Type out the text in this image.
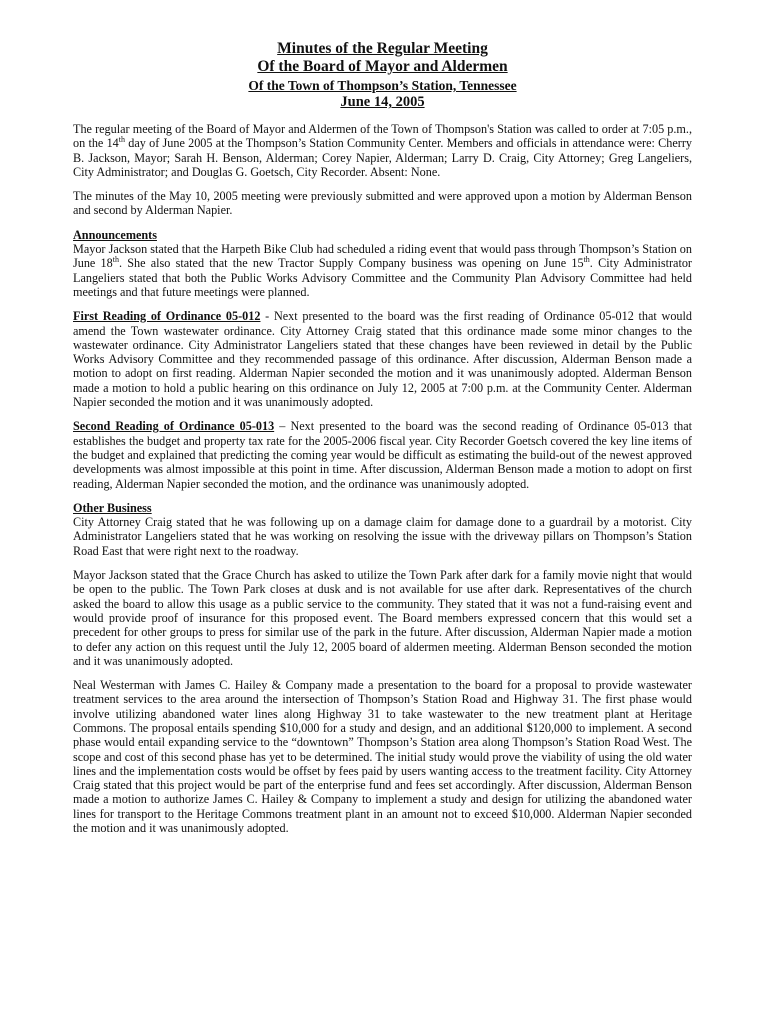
Minutes of the Regular Meeting
Of the Board of Mayor and Aldermen
Of the Town of Thompson’s Station, Tennessee
June 14, 2005

The regular meeting of the Board of Mayor and Aldermen of the Town of Thompson's Station was called to order at 7:05 p.m., on the 14th day of June 2005 at the Thompson’s Station Community Center. Members and officials in attendance were: Cherry B. Jackson, Mayor; Sarah H. Benson, Alderman; Corey Napier, Alderman; Larry D. Craig, City Attorney; Greg Langeliers, City Administrator; and Douglas G. Goetsch, City Recorder. Absent: None.

The minutes of the May 10, 2005 meeting were previously submitted and were approved upon a motion by Alderman Benson and second by Alderman Napier.

Announcements
Mayor Jackson stated that the Harpeth Bike Club had scheduled a riding event that would pass through Thompson’s Station on June 18th. She also stated that the new Tractor Supply Company business was opening on June 15th. City Administrator Langeliers stated that both the Public Works Advisory Committee and the Community Plan Advisory Committee had held meetings and that future meetings were planned.

First Reading of Ordinance 05-012 - Next presented to the board was the first reading of Ordinance 05-012 that would amend the Town wastewater ordinance. City Attorney Craig stated that this ordinance made some minor changes to the wastewater ordinance. City Administrator Langeliers stated that these changes have been reviewed in detail by the Public Works Advisory Committee and they recommended passage of this ordinance. After discussion, Alderman Benson made a motion to adopt on first reading. Alderman Napier seconded the motion and it was unanimously adopted. Alderman Benson made a motion to hold a public hearing on this ordinance on July 12, 2005 at 7:00 p.m. at the Community Center. Alderman Napier seconded the motion and it was unanimously adopted.

Second Reading of Ordinance 05-013 – Next presented to the board was the second reading of Ordinance 05-013 that establishes the budget and property tax rate for the 2005-2006 fiscal year. City Recorder Goetsch covered the key line items of the budget and explained that predicting the coming year would be difficult as estimating the build-out of the newest approved developments was almost impossible at this point in time. After discussion, Alderman Benson made a motion to adopt on first reading, Alderman Napier seconded the motion, and the ordinance was unanimously adopted.

Other Business
City Attorney Craig stated that he was following up on a damage claim for damage done to a guardrail by a motorist. City Administrator Langeliers stated that he was working on resolving the issue with the driveway pillars on Thompson’s Station Road East that were right next to the roadway.

Mayor Jackson stated that the Grace Church has asked to utilize the Town Park after dark for a family movie night that would be open to the public. The Town Park closes at dusk and is not available for use after dark. Representatives of the church asked the board to allow this usage as a public service to the community. They stated that it was not a fund-raising event and would provide proof of insurance for this proposed event. The Board members expressed concern that this would set a precedent for other groups to press for similar use of the park in the future. After discussion, Alderman Napier made a motion to defer any action on this request until the July 12, 2005 board of aldermen meeting. Alderman Benson seconded the motion and it was unanimously adopted.

Neal Westerman with James C. Hailey & Company made a presentation to the board for a proposal to provide wastewater treatment services to the area around the intersection of Thompson’s Station Road and Highway 31. The first phase would involve utilizing abandoned water lines along Highway 31 to take wastewater to the new treatment plant at Heritage Commons. The proposal entails spending $10,000 for a study and design, and an additional $120,000 to implement. A second phase would entail expanding service to the “downtown” Thompson’s Station area along Thompson’s Station Road West. The scope and cost of this second phase has yet to be determined. The initial study would prove the viability of using the old water lines and the implementation costs would be offset by fees paid by users wanting access to the treatment facility. City Attorney Craig stated that this project would be part of the enterprise fund and fees set accordingly. After discussion, Alderman Benson made a motion to authorize James C. Hailey & Company to implement a study and design for utilizing the abandoned water lines for transport to the Heritage Commons treatment plant in an amount not to exceed $10,000. Alderman Napier seconded the motion and it was unanimously adopted.
